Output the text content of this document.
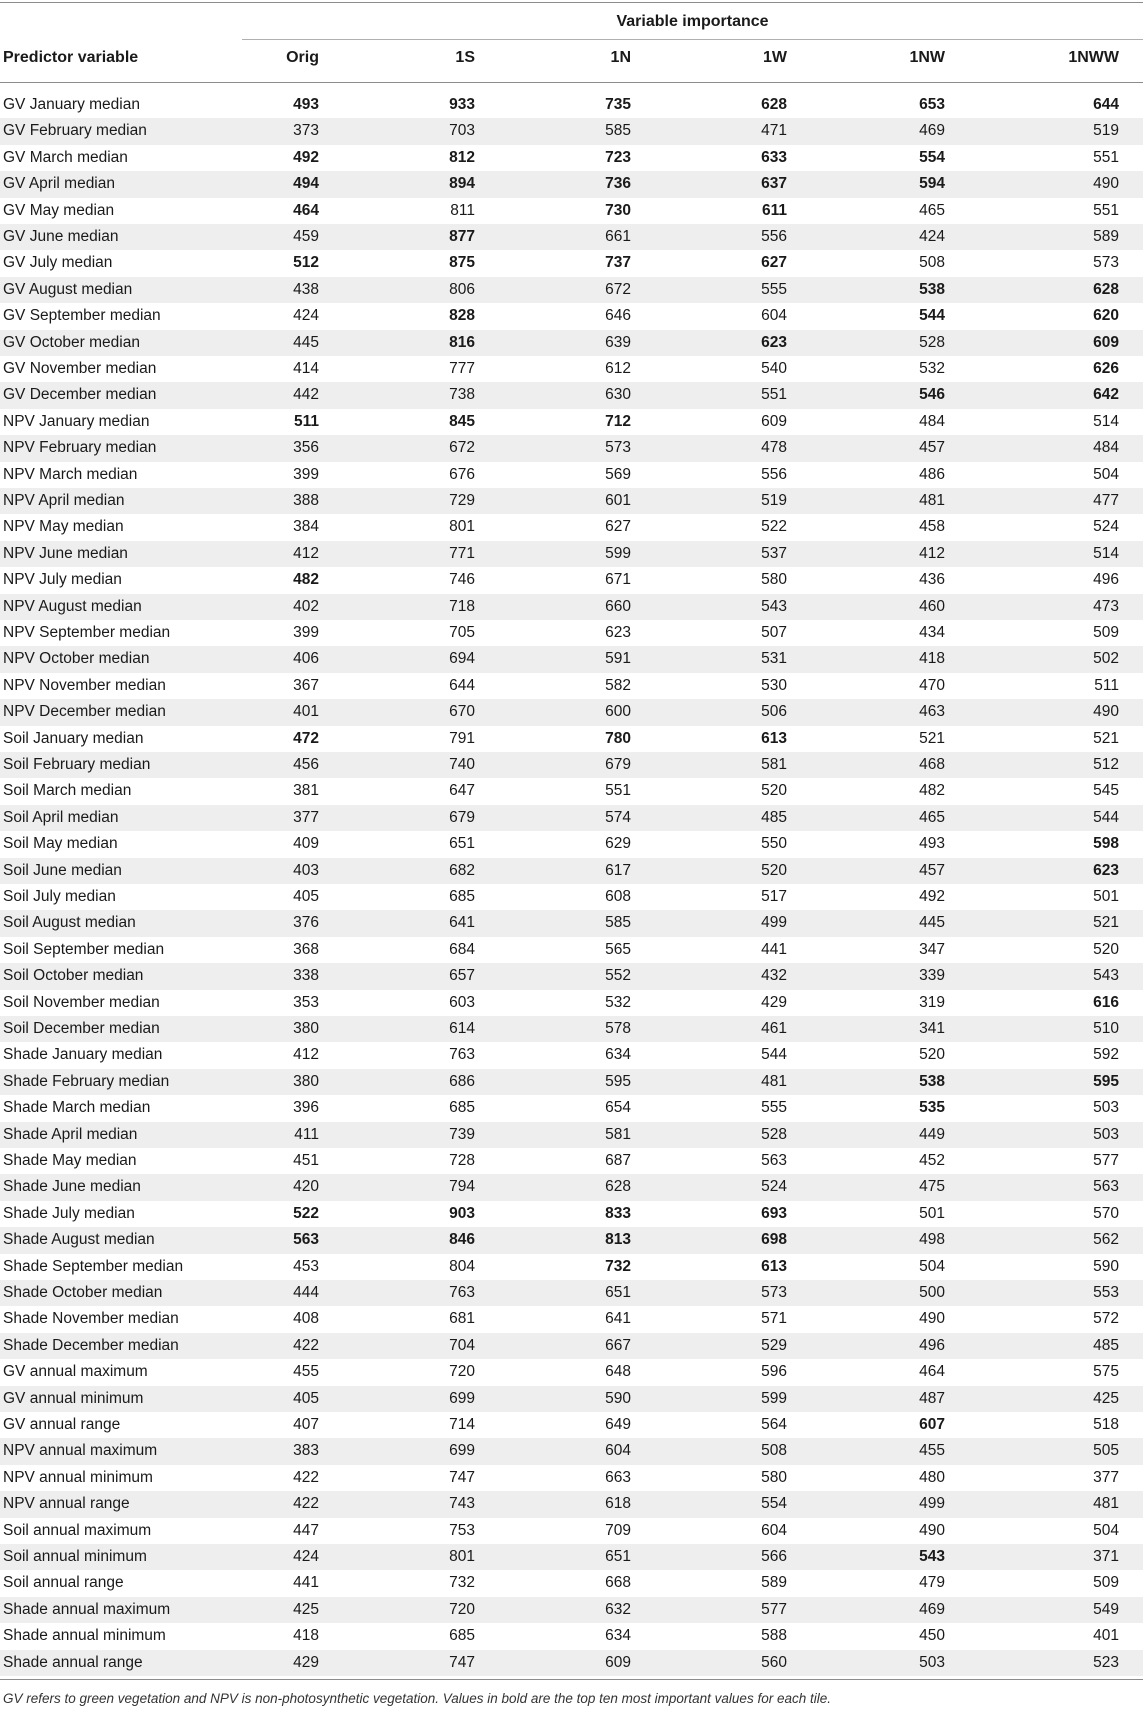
Variable importance
Predictor variable	Orig	1S	1N	1W	1NW	1NWW
GV January median	493	933	735	628	653	644
GV February median	373	703	585	471	469	519
GV March median	492	812	723	633	554	551
GV April median	494	894	736	637	594	490
GV May median	464	811	730	611	465	551
GV June median	459	877	661	556	424	589
GV July median	512	875	737	627	508	573
GV August median	438	806	672	555	538	628
GV September median	424	828	646	604	544	620
GV October median	445	816	639	623	528	609
GV November median	414	777	612	540	532	626
GV December median	442	738	630	551	546	642
NPV January median	511	845	712	609	484	514
NPV February median	356	672	573	478	457	484
NPV March median	399	676	569	556	486	504
NPV April median	388	729	601	519	481	477
NPV May median	384	801	627	522	458	524
NPV June median	412	771	599	537	412	514
NPV July median	482	746	671	580	436	496
NPV August median	402	718	660	543	460	473
NPV September median	399	705	623	507	434	509
NPV October median	406	694	591	531	418	502
NPV November median	367	644	582	530	470	511
NPV December median	401	670	600	506	463	490
Soil January median	472	791	780	613	521	521
Soil February median	456	740	679	581	468	512
Soil March median	381	647	551	520	482	545
Soil April median	377	679	574	485	465	544
Soil May median	409	651	629	550	493	598
Soil June median	403	682	617	520	457	623
Soil July median	405	685	608	517	492	501
Soil August median	376	641	585	499	445	521
Soil September median	368	684	565	441	347	520
Soil October median	338	657	552	432	339	543
Soil November median	353	603	532	429	319	616
Soil December median	380	614	578	461	341	510
Shade January median	412	763	634	544	520	592
Shade February median	380	686	595	481	538	595
Shade March median	396	685	654	555	535	503
Shade April median	411	739	581	528	449	503
Shade May median	451	728	687	563	452	577
Shade June median	420	794	628	524	475	563
Shade July median	522	903	833	693	501	570
Shade August median	563	846	813	698	498	562
Shade September median	453	804	732	613	504	590
Shade October median	444	763	651	573	500	553
Shade November median	408	681	641	571	490	572
Shade December median	422	704	667	529	496	485
GV annual maximum	455	720	648	596	464	575
GV annual minimum	405	699	590	599	487	425
GV annual range	407	714	649	564	607	518
NPV annual maximum	383	699	604	508	455	505
NPV annual minimum	422	747	663	580	480	377
NPV annual range	422	743	618	554	499	481
Soil annual maximum	447	753	709	604	490	504
Soil annual minimum	424	801	651	566	543	371
Soil annual range	441	732	668	589	479	509
Shade annual maximum	425	720	632	577	469	549
Shade annual minimum	418	685	634	588	450	401
Shade annual range	429	747	609	560	503	523
GV refers to green vegetation and NPV is non-photosynthetic vegetation. Values in bold are the top ten most important values for each tile.
